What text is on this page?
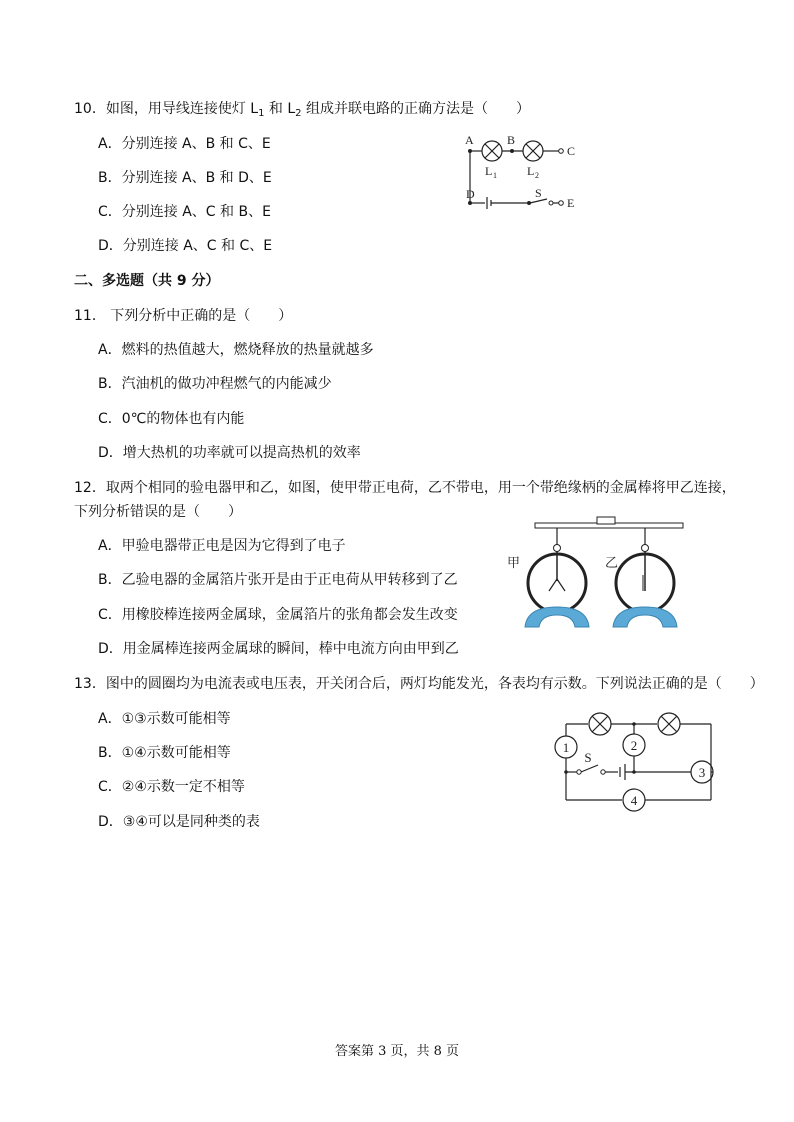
10．如图，用导线连接使灯 $L_1$ 和 $L_2$ 组成并联电路的正确方法是（　　）
A．分别连接 A、B 和 C、E
B．分别连接 A、B 和 D、E
C．分别连接 A、C 和 B、E
D．分别连接 A、C 和 C、E
A	B
C
D
E
S
L 1	L 2
二、多选题（共 9 分）
11． 下列分析中正确的是（　　）
A．燃料的热值越大，燃烧释放的热量就越多
B．汽油机的做功冲程燃气的内能减少
C．0℃的物体也有内能
D．增大热机的功率就可以提高热机的效率
12．取两个相同的验电器甲和乙，如图，使甲带正电荷，乙不带电，用一个带绝缘柄的金属棒将甲乙连接，
下列分析错误的是（　　）
A．甲验电器带正电是因为它得到了电子
B．乙验电器的金属箔片张开是由于正电荷从甲转移到了乙
C．用橡胶棒连接两金属球，金属箔片的张角都会发生改变
D．用金属棒连接两金属球的瞬间，棒中电流方向由甲到乙
甲	乙
13．图中的圆圈均为电流表或电压表，开关闭合后，两灯均能发光，各表均有示数。下列说法正确的是（　　）
A．①③示数可能相等
B．①④示数可能相等
C．②④示数一定不相等
D．③④可以是同种类的表
1	2
3
4
S
答案第 3 页，共 8 页
